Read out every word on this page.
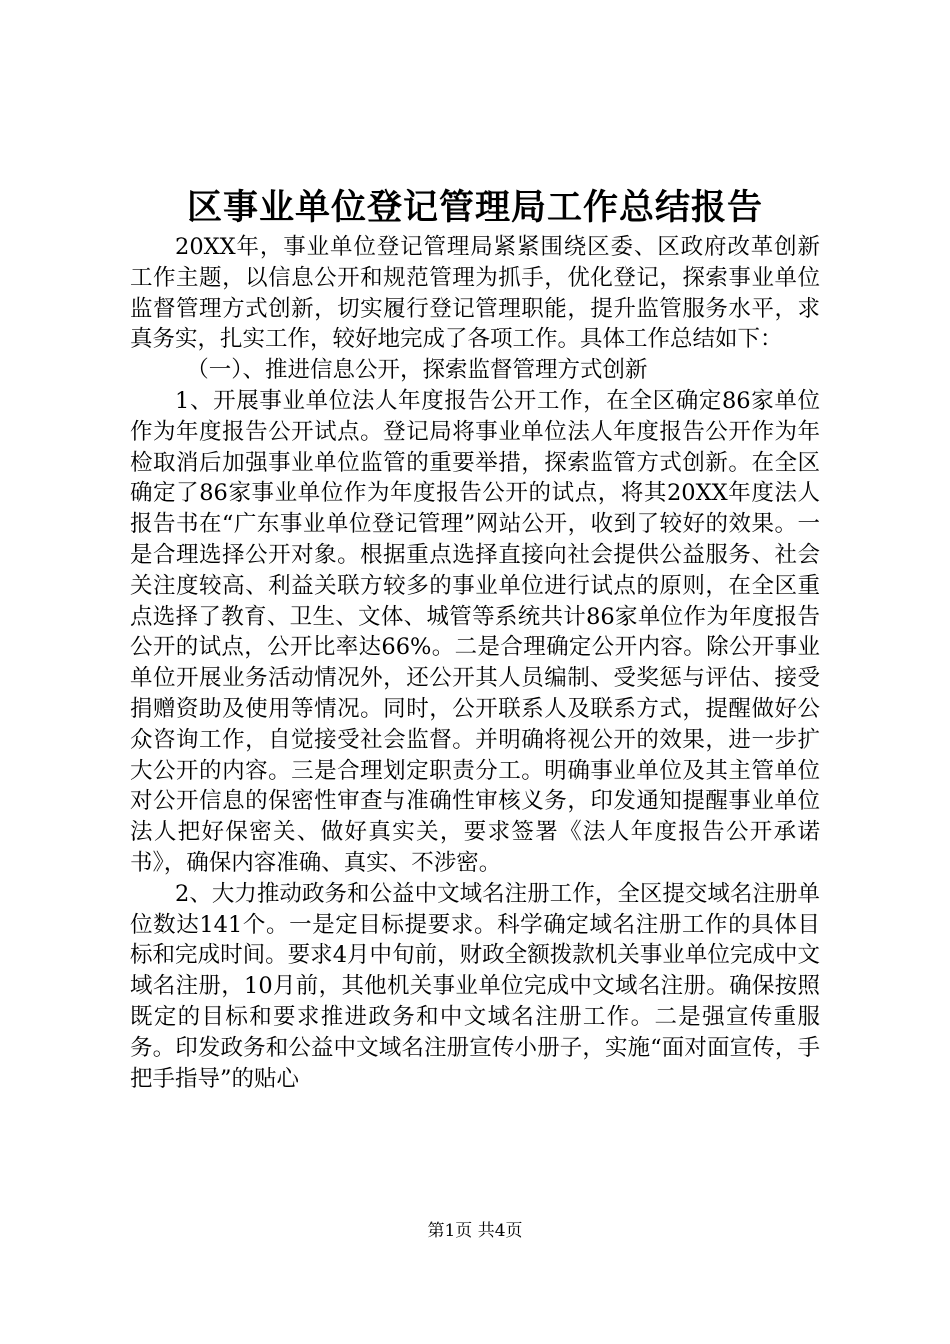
区事业单位登记管理局工作总结报告

20XX年，事业单位登记管理局紧紧围绕区委、区政府改革创新工作主题，以信息公开和规范管理为抓手，优化登记，探索事业单位监督管理方式创新，切实履行登记管理职能，提升监管服务水平，求真务实，扎实工作，较好地完成了各项工作。具体工作总结如下：

（一）、推进信息公开，探索监督管理方式创新

1、开展事业单位法人年度报告公开工作，在全区确定86家单位作为年度报告公开试点。登记局将事业单位法人年度报告公开作为年检取消后加强事业单位监管的重要举措，探索监管方式创新。在全区确定了86家事业单位作为年度报告公开的试点，将其20XX年度法人报告书在“广东事业单位登记管理”网站公开，收到了较好的效果。一是合理选择公开对象。根据重点选择直接向社会提供公益服务、社会关注度较高、利益关联方较多的事业单位进行试点的原则，在全区重点选择了教育、卫生、文体、城管等系统共计86家单位作为年度报告公开的试点，公开比率达66%。二是合理确定公开内容。除公开事业单位开展业务活动情况外，还公开其人员编制、受奖惩与评估、接受捐赠资助及使用等情况。同时，公开联系人及联系方式，提醒做好公众咨询工作，自觉接受社会监督。并明确将视公开的效果，进一步扩大公开的内容。三是合理划定职责分工。明确事业单位及其主管单位对公开信息的保密性审查与准确性审核义务，印发通知提醒事业单位法人把好保密关、做好真实关，要求签署《法人年度报告公开承诺书》，确保内容准确、真实、不涉密。

2、大力推动政务和公益中文域名注册工作，全区提交域名注册单位数达141个。一是定目标提要求。科学确定域名注册工作的具体目标和完成时间。要求4月中旬前，财政全额拨款机关事业单位完成中文域名注册，10月前，其他机关事业单位完成中文域名注册。确保按照既定的目标和要求推进政务和中文域名注册工作。二是强宣传重服务。印发政务和公益中文域名注册宣传小册子，实施“面对面宣传，手把手指导”的贴心

第1页 共4页
